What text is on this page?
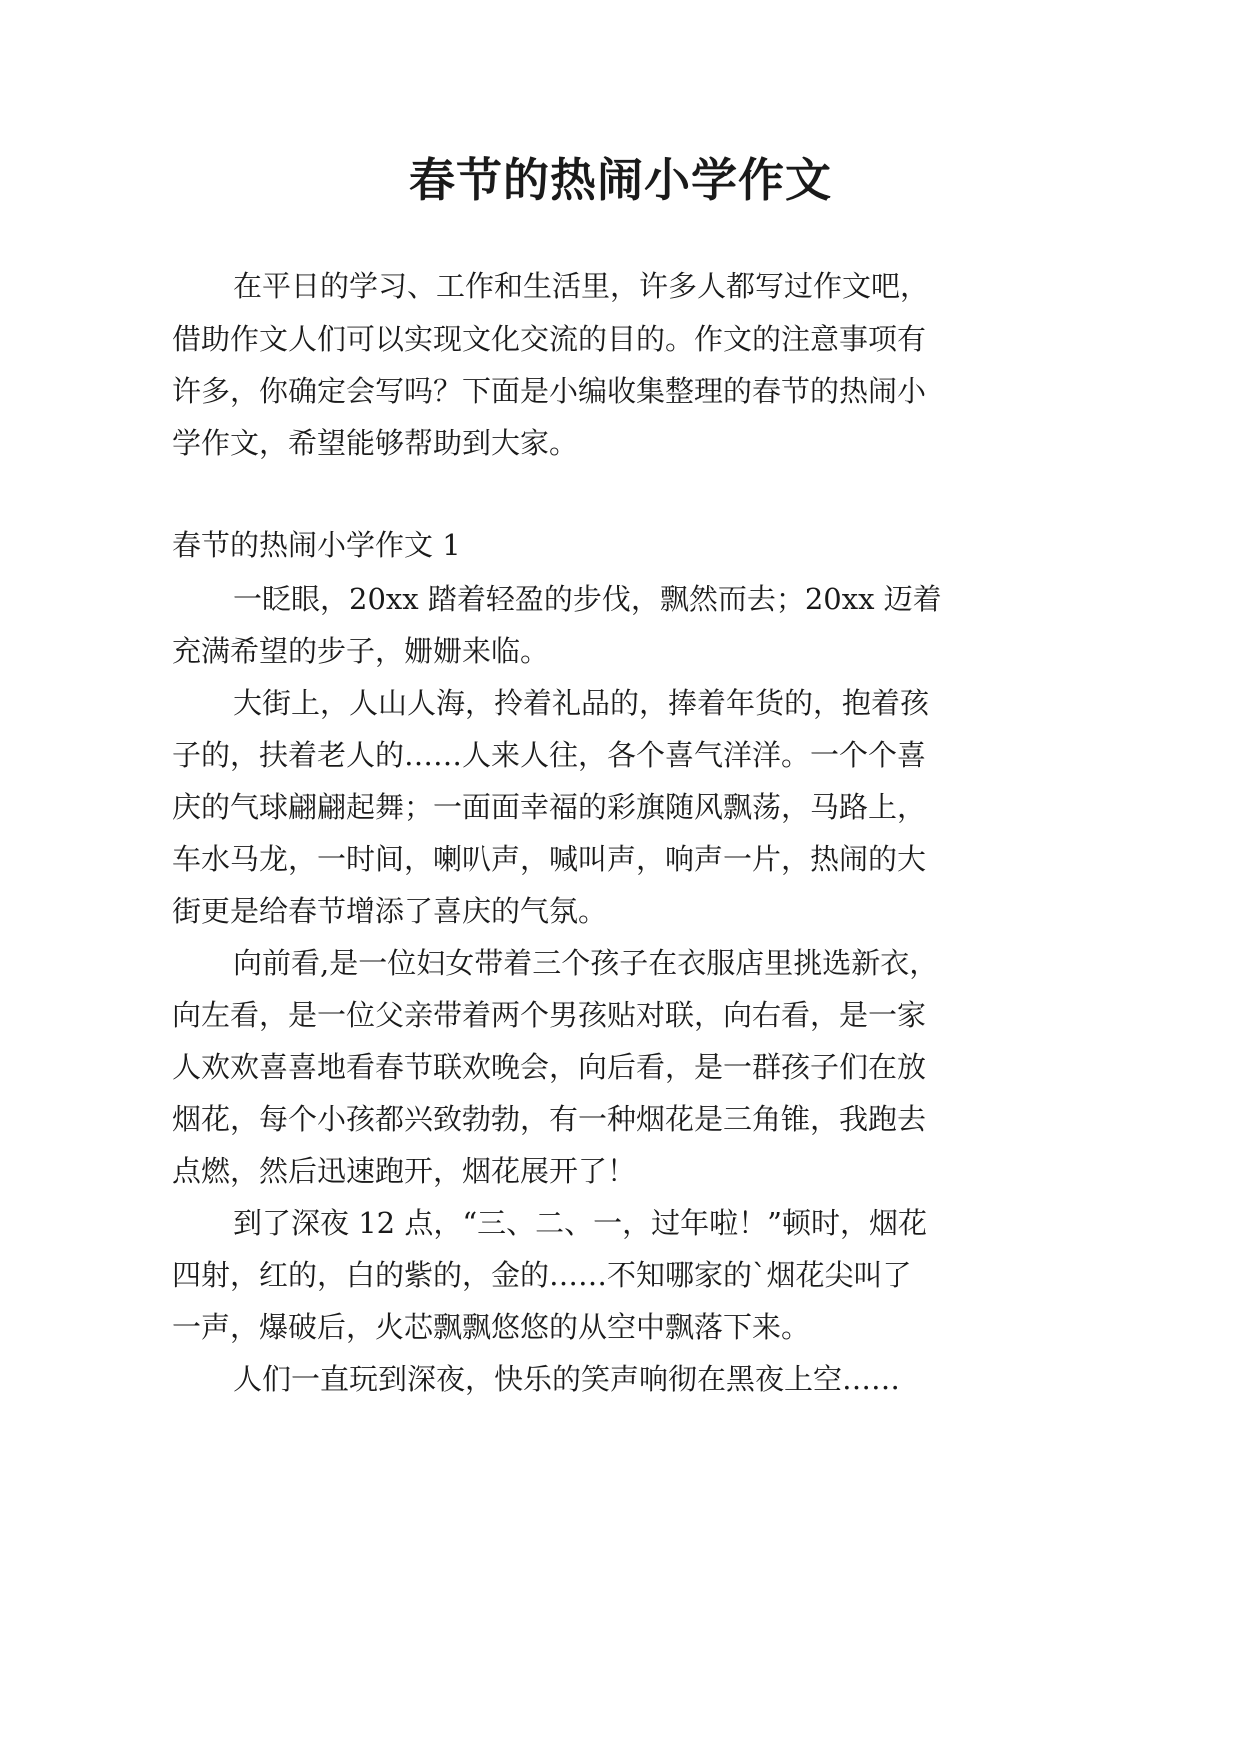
春节的热闹小学作文
在平日的学习、工作和生活里，许多人都写过作文吧，
借助作文人们可以实现文化交流的目的。作文的注意事项有
许多，你确定会写吗？下面是小编收集整理的春节的热闹小
学作文，希望能够帮助到大家。
春节的热闹小学作文 1
一眨眼，20xx 踏着轻盈的步伐，飘然而去；20xx 迈着
充满希望的步子，姗姗来临。
大街上，人山人海，拎着礼品的，捧着年货的，抱着孩
子的，扶着老人的……人来人往，各个喜气洋洋。一个个喜
庆的气球翩翩起舞；一面面幸福的彩旗随风飘荡，马路上，
车水马龙，一时间，喇叭声，喊叫声，响声一片，热闹的大
街更是给春节增添了喜庆的气氛。
向前看,是一位妇女带着三个孩子在衣服店里挑选新衣，
向左看，是一位父亲带着两个男孩贴对联，向右看，是一家
人欢欢喜喜地看春节联欢晚会，向后看，是一群孩子们在放
烟花，每个小孩都兴致勃勃，有一种烟花是三角锥，我跑去
点燃，然后迅速跑开，烟花展开了！
到了深夜 12 点，“三、二、一，过年啦！”顿时，烟花
四射，红的，白的紫的，金的……不知哪家的`烟花尖叫了
一声，爆破后，火芯飘飘悠悠的从空中飘落下来。
人们一直玩到深夜，快乐的笑声响彻在黑夜上空……
